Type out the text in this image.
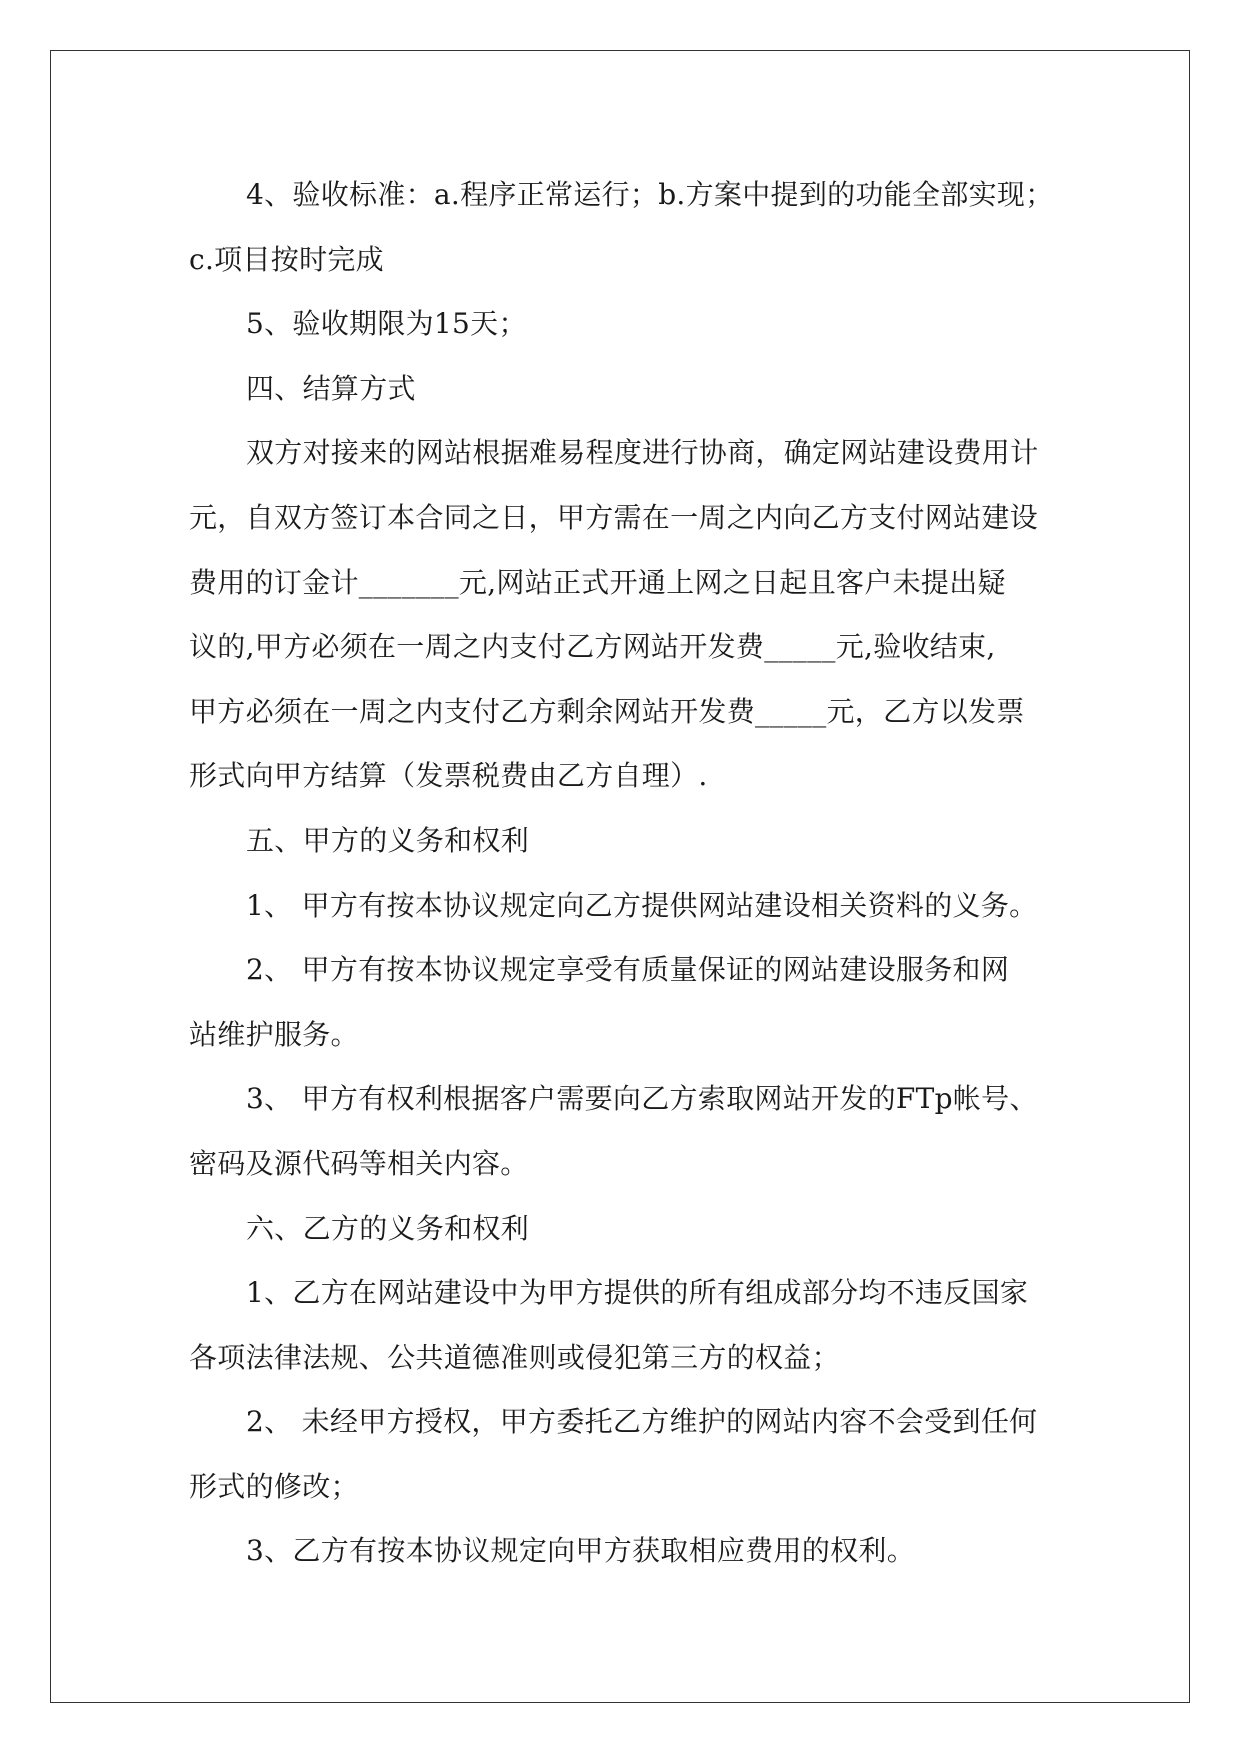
4、验收标准：a.程序正常运行；b.方案中提到的功能全部实现；
c.项目按时完成
5、验收期限为15天；
四、结算方式
双方对接来的网站根据难易程度进行协商，确定网站建设费用计
元，自双方签订本合同之日，甲方需在一周之内向乙方支付网站建设
费用的订金计_______元,网站正式开通上网之日起且客户未提出疑
议的,甲方必须在一周之内支付乙方网站开发费_____元,验收结束,
甲方必须在一周之内支付乙方剩余网站开发费_____元，乙方以发票
形式向甲方结算（发票税费由乙方自理）.
五、甲方的义务和权利
1、 甲方有按本协议规定向乙方提供网站建设相关资料的义务。
2、 甲方有按本协议规定享受有质量保证的网站建设服务和网
站维护服务。
3、 甲方有权利根据客户需要向乙方索取网站开发的FTp帐号、
密码及源代码等相关内容。
六、乙方的义务和权利
1、乙方在网站建设中为甲方提供的所有组成部分均不违反国家
各项法律法规、公共道德准则或侵犯第三方的权益；
2、 未经甲方授权，甲方委托乙方维护的网站内容不会受到任何
形式的修改；
3、乙方有按本协议规定向甲方获取相应费用的权利。
